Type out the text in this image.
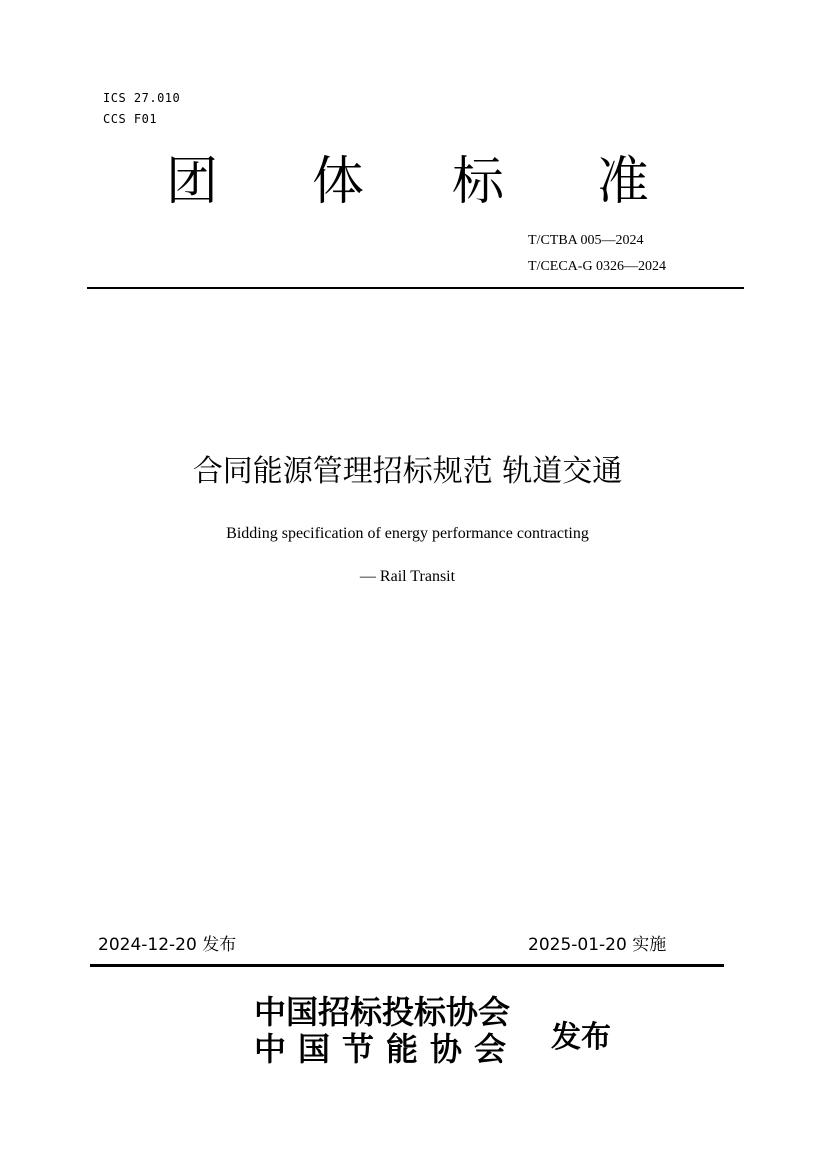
ICS 27.010
CCS F01
团 体 标 准
T/CTBA 005—2024
T/CECA-G 0326—2024
合同能源管理招标规范 轨道交通
Bidding specification of energy performance contracting
— Rail Transit
2024-12-20 发布	2025-01-20 实施
中国招标投标协会
中国节能协会 发布
